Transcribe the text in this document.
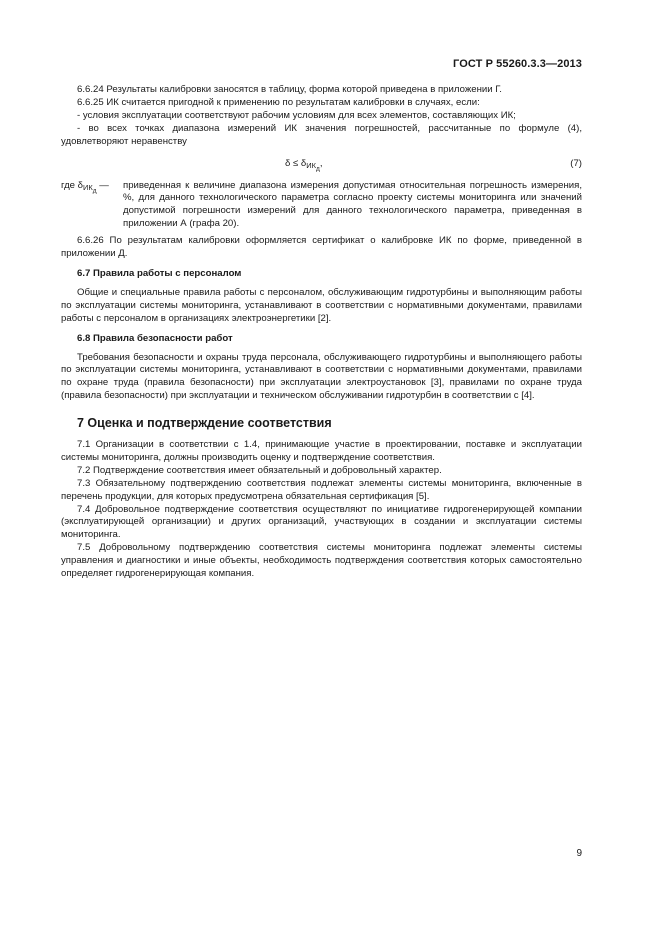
ГОСТ Р 55260.3.3—2013

6.6.24 Результаты калибровки заносятся в таблицу, форма которой приведена в приложении Г.

6.6.25 ИК считается пригодной к применению по результатам калибровки в случаях, если:

- условия эксплуатации соответствуют рабочим условиям для всех элементов, составляющих ИК;

- во всех точках диапазона измерений ИК значения погрешностей, рассчитанные по формуле (4), удовлетворяют неравенству

$\delta \le \delta_{ИК_д}$,	(7)
где $\delta_{ИК_д}$ —	приведенная к величине диапазона измерения допустимая относительная погрешность измерения, %, для данного технологического параметра согласно проекту системы мониторинга или значений допустимой погрешности измерений для данного технологического параметра, приведенная в приложении А (графа 20).

6.6.26 По результатам калибровки оформляется сертификат о калибровке ИК по форме, приведенной в приложении Д.

6.7 Правила работы с персоналом

Общие и специальные правила работы с персоналом, обслуживающим гидротурбины и выполняющим работы по эксплуатации системы мониторинга, устанавливают в соответствии с нормативными документами, правилами работы с персоналом в организациях электроэнергетики [2].

6.8 Правила безопасности работ

Требования безопасности и охраны труда персонала, обслуживающего гидротурбины и выполняющего работы по эксплуатации системы мониторинга, устанавливают в соответствии с нормативными документами, правилами по охране труда (правила безопасности) при эксплуатации электроустановок [3], правилами по охране труда (правила безопасности) при эксплуатации и техническом обслуживании гидротурбин в соответствии с [4].

7 Оценка и подтверждение соответствия

7.1 Организации в соответствии с 1.4, принимающие участие в проектировании, поставке и эксплуатации системы мониторинга, должны производить оценку и подтверждение соответствия.

7.2 Подтверждение соответствия имеет обязательный и добровольный характер.

7.3 Обязательному подтверждению соответствия подлежат элементы системы мониторинга, включенные в перечень продукции, для которых предусмотрена обязательная сертификация [5].

7.4 Добровольное подтверждение соответствия осуществляют по инициативе гидрогенерирующей компании (эксплуатирующей организации) и других организаций, участвующих в создании и эксплуатации системы мониторинга.

7.5 Добровольному подтверждению соответствия системы мониторинга подлежат элементы системы управления и диагностики и иные объекты, необходимость подтверждения соответствия которых самостоятельно определяет гидрогенерирующая компания.

9
